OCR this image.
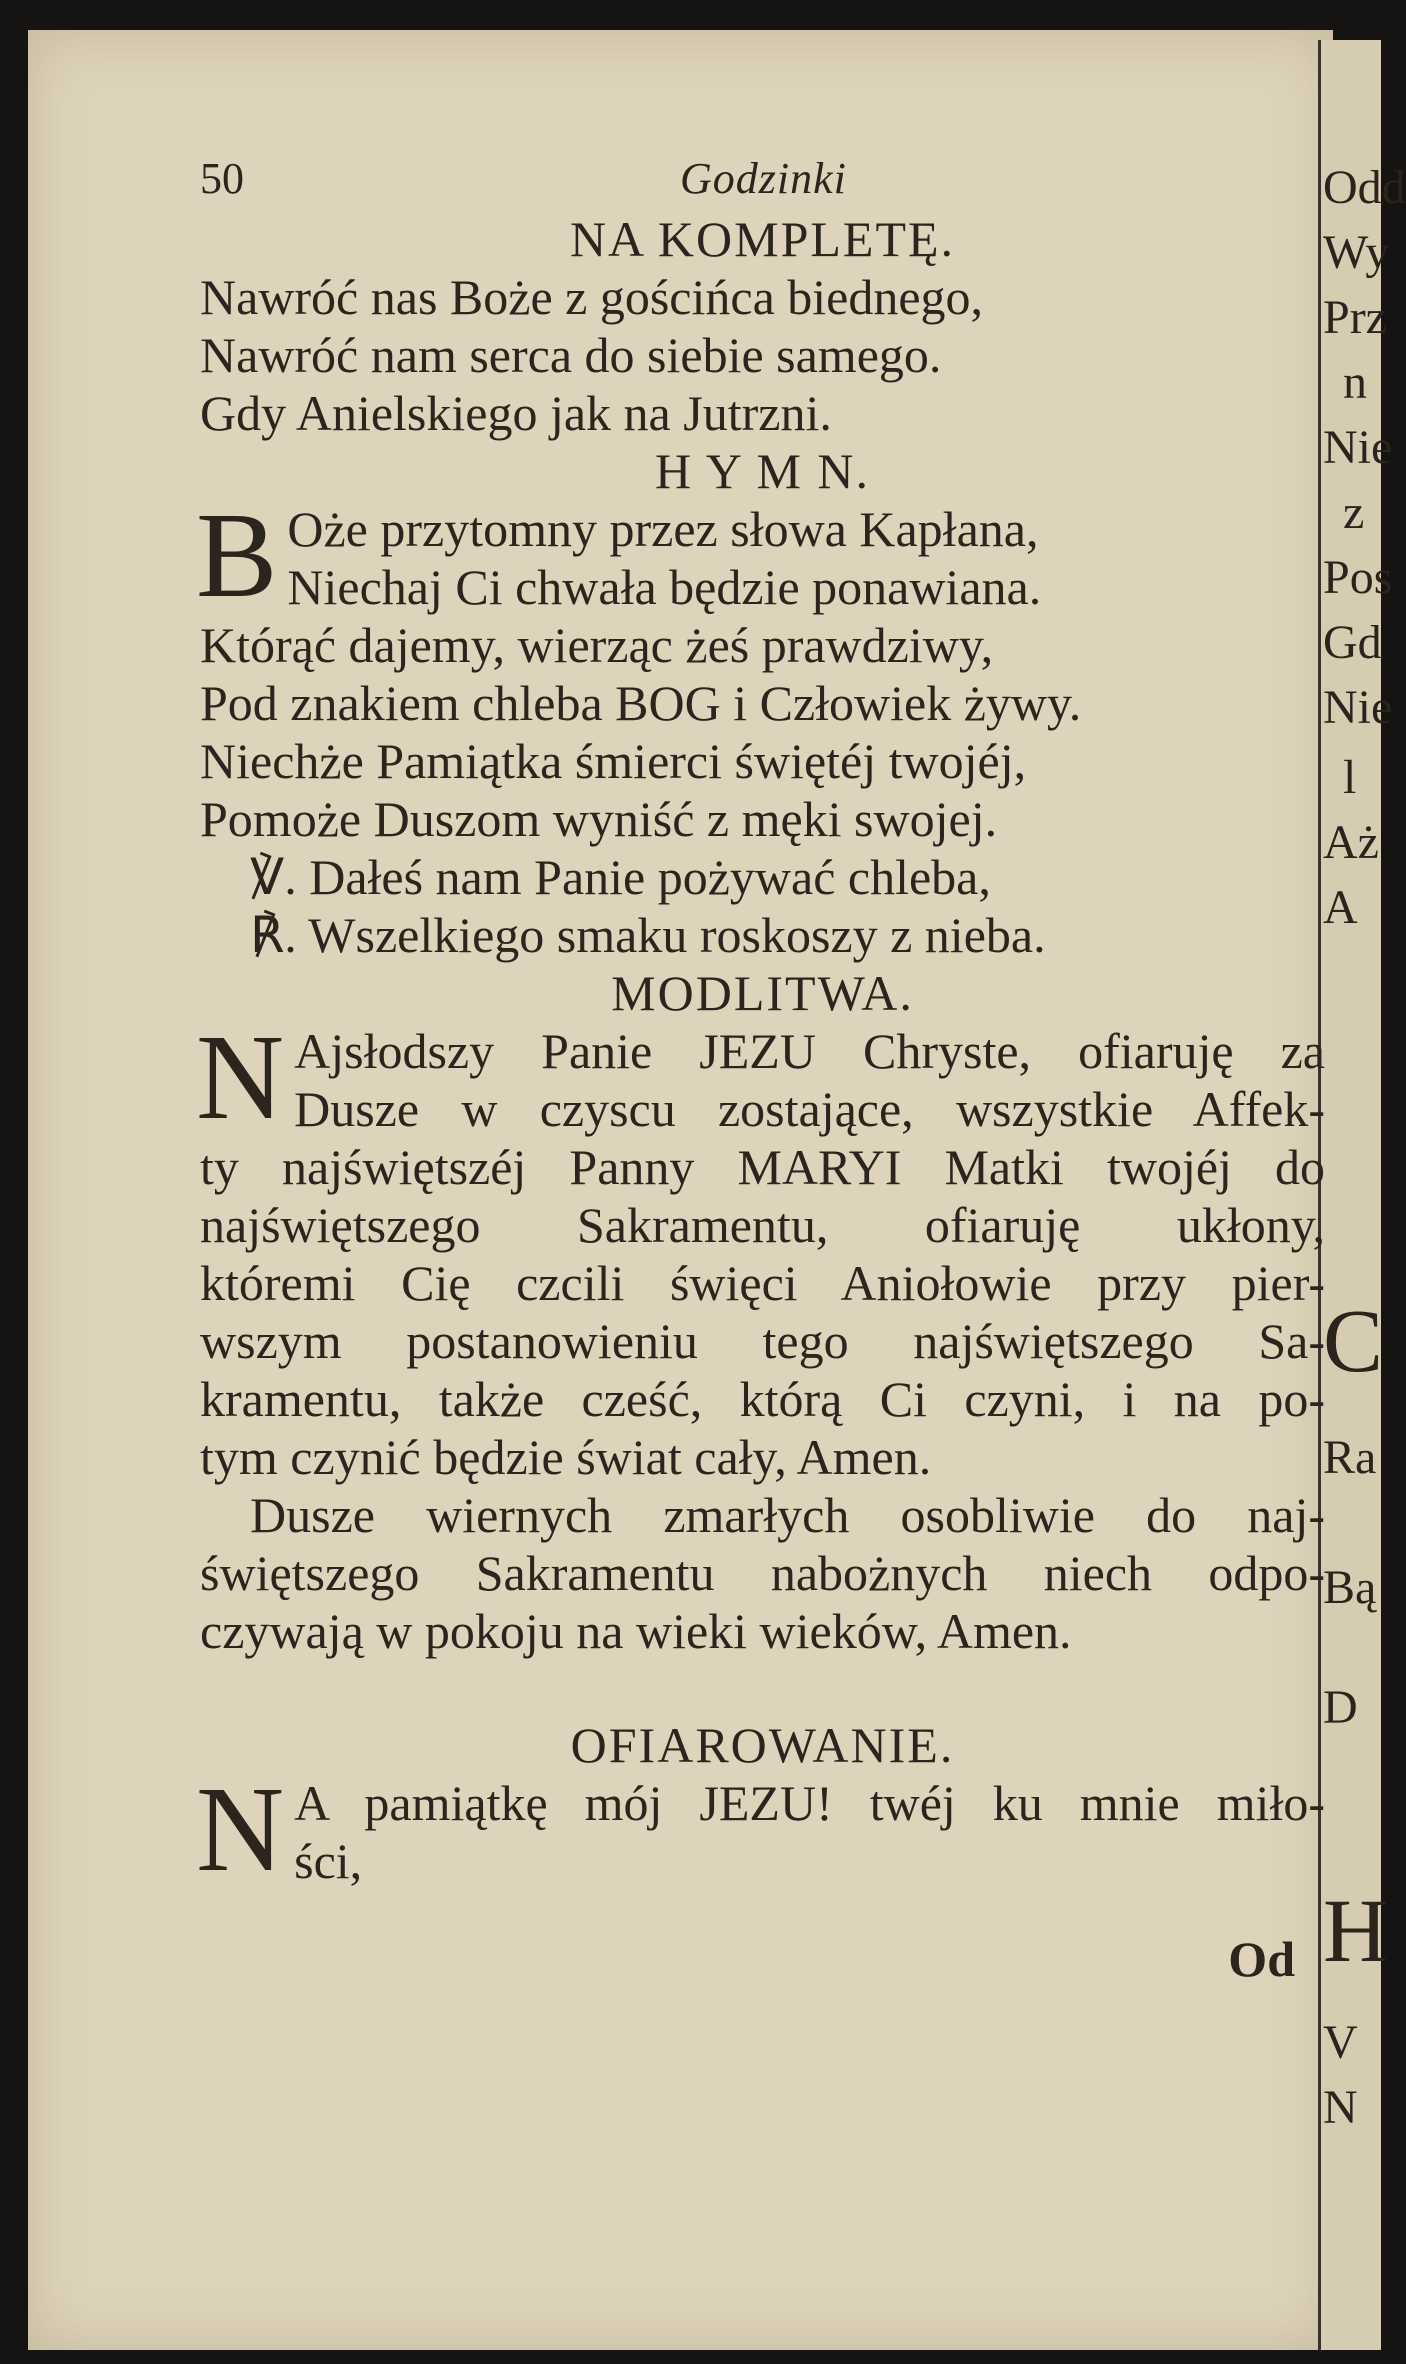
Odd
Wy
Prz
n
Nie
z
Pos
Gd
Nie
l
Aż
A
C
Ra
Bą
D
H
V
N
50	Godzinki

NA KOMPLETĘ.

Nawróć nas Boże z gościńca biednego,
Nawróć nam serca do siebie samego.
Gdy Anielskiego jak na Jutrzni.

H Y M N.

B Oże przytomny przez słowa Kapłana,
Niechaj Ci chwała będzie ponawiana.
Którąć dajemy, wierząc żeś prawdziwy,
Pod znakiem chleba BOG i Człowiek żywy.
Niechże Pamiątka śmierci świętéj twojéj,
Pomoże Duszom wyniść z męki swojej.
℣. Dałeś nam Panie pożywać chleba,
℟. Wszelkiego smaku roskoszy z nieba.

MODLITWA.

N Ajsłodszy Panie JEZU Chryste, ofiaruję za
Dusze w czyscu zostające, wszystkie Affek-
ty najświętszéj Panny MARYI Matki twojéj do
najświętszego Sakramentu, ofiaruję ukłony,
któremi Cię czcili święci Aniołowie przy pier-
wszym postanowieniu tego najświętszego Sa-
kramentu, także cześć, którą Ci czyni, i na po-
tym czynić będzie świat cały, Amen.
Dusze wiernych zmarłych osobliwie do naj-
świętszego Sakramentu nabożnych niech odpo-
czywają w pokoju na wieki wieków, Amen.

OFIAROWANIE.

N A pamiątkę mój JEZU! twéj ku mnie miło-
ści,
Od
